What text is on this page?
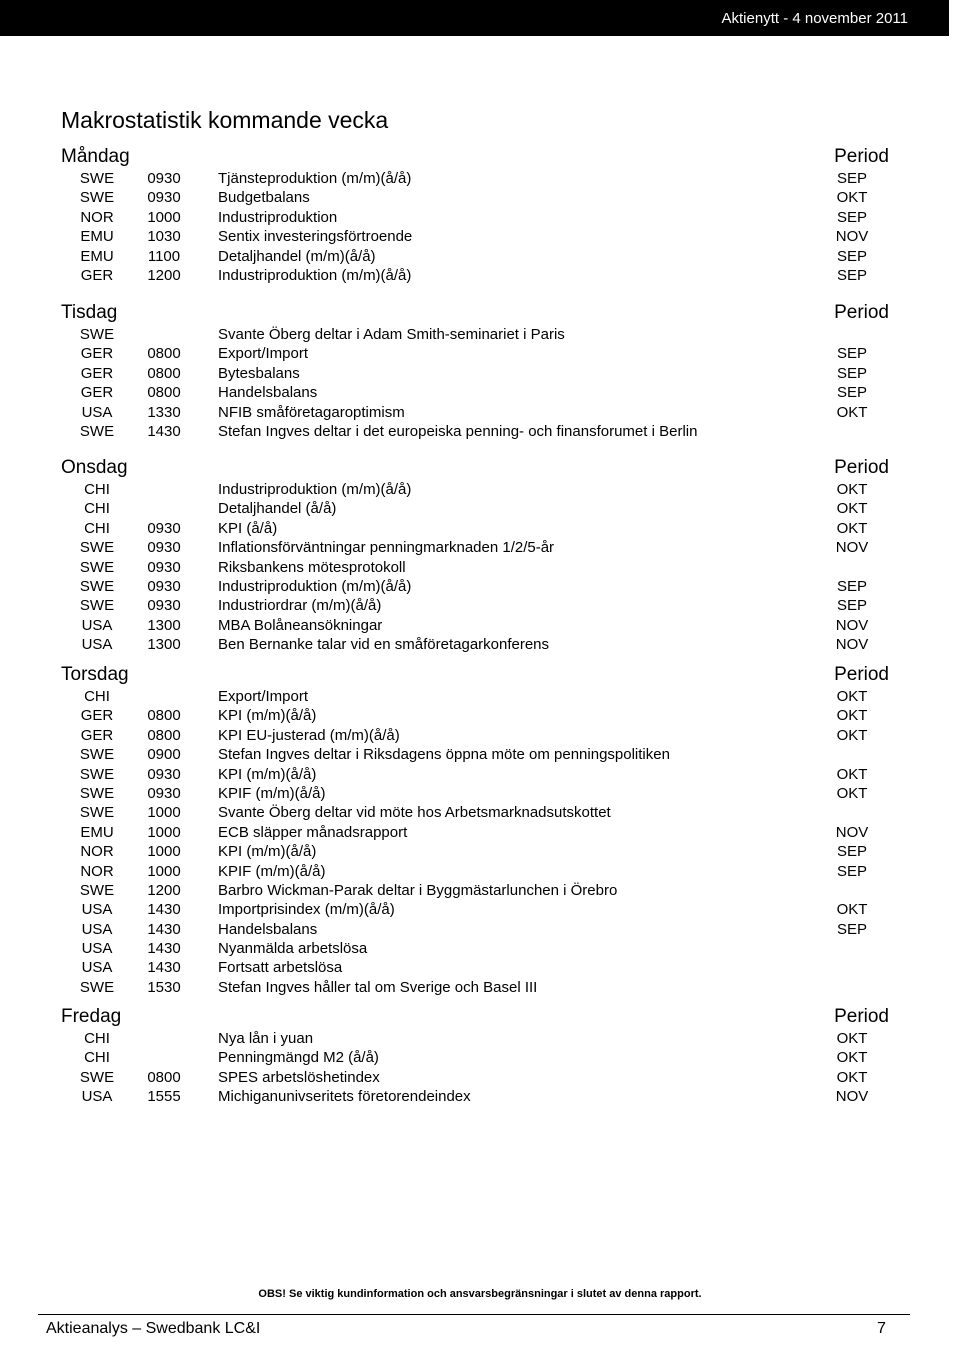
Aktienytt - 4 november 2011
Makrostatistik kommande vecka
Måndag	Period
SWE	0930	Tjänsteproduktion (m/m)(å/å)	SEP
SWE	0930	Budgetbalans	OKT
NOR	1000	Industriproduktion	SEP
EMU	1030	Sentix investeringsförtroende	NOV
EMU	1100	Detaljhandel (m/m)(å/å)	SEP
GER	1200	Industriproduktion (m/m)(å/å)	SEP
Tisdag	Period
SWE	Svante Öberg deltar i Adam Smith-seminariet i Paris
GER	0800	Export/Import	SEP
GER	0800	Bytesbalans	SEP
GER	0800	Handelsbalans	SEP
USA	1330	NFIB småföretagaroptimism	OKT
SWE	1430	Stefan Ingves deltar i det europeiska penning- och finansforumet i Berlin
Onsdag	Period
CHI	Industriproduktion (m/m)(å/å)	OKT
CHI	Detaljhandel (å/å)	OKT
CHI	0930	KPI (å/å)	OKT
SWE	0930	Inflationsförväntningar penningmarknaden 1/2/5-år	NOV
SWE	0930	Riksbankens mötesprotokoll
SWE	0930	Industriproduktion (m/m)(å/å)	SEP
SWE	0930	Industriordrar (m/m)(å/å)	SEP
USA	1300	MBA Bolåneansökningar	NOV
USA	1300	Ben Bernanke talar vid en småföretagarkonferens	NOV
Torsdag	Period
CHI	Export/Import	OKT
GER	0800	KPI (m/m)(å/å)	OKT
GER	0800	KPI EU-justerad (m/m)(å/å)	OKT
SWE	0900	Stefan Ingves deltar i Riksdagens öppna möte om penningspolitiken
SWE	0930	KPI (m/m)(å/å)	OKT
SWE	0930	KPIF (m/m)(å/å)	OKT
SWE	1000	Svante Öberg deltar vid möte hos Arbetsmarknadsutskottet
EMU	1000	ECB släpper månadsrapport	NOV
NOR	1000	KPI (m/m)(å/å)	SEP
NOR	1000	KPIF (m/m)(å/å)	SEP
SWE	1200	Barbro Wickman-Parak deltar i Byggmästarlunchen i Örebro
USA	1430	Importprisindex (m/m)(å/å)	OKT
USA	1430	Handelsbalans	SEP
USA	1430	Nyanmälda arbetslösa
USA	1430	Fortsatt arbetslösa
SWE	1530	Stefan Ingves håller tal om Sverige och Basel III
Fredag	Period
CHI	Nya lån i yuan	OKT
CHI	Penningmängd M2 (å/å)	OKT
SWE	0800	SPES arbetslöshetindex	OKT
USA	1555	Michiganunivseritets företorendeindex	NOV
OBS! Se viktig kundinformation och ansvarsbegränsningar i slutet av denna rapport.
Aktieanalys – Swedbank LC&I	7
